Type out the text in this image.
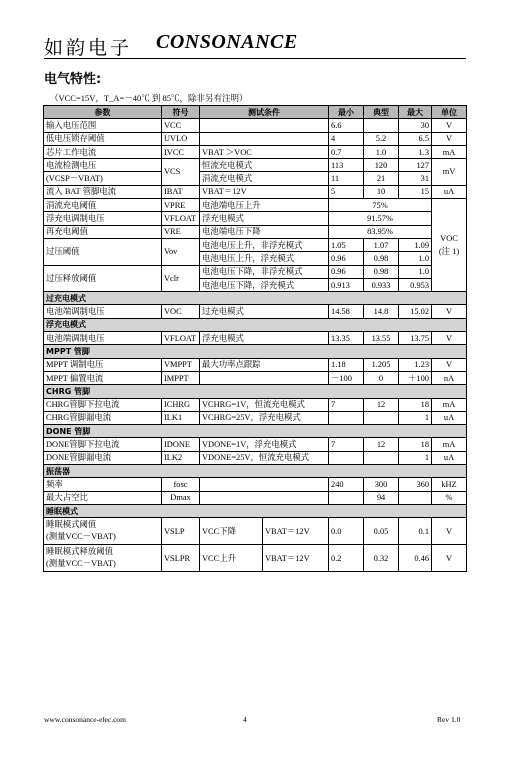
如韵电子 CONSONANCE
电气特性:
（VCC=15V，T_A=－40℃ 到 85℃，除非另有注明）
参数	符号	测试条件		最小	典型	最大	单位
输入电压范围	VCC			6.6		30	V
低电压锁存阈值	UVLO			4	5.2	6.5	V
芯片工作电流	IVCC	VBAT ＞VOC		0.7	1.0	1.3	mA
电流检测电压	VCS	恒流充电模式		113	120	127	mV
(VCSP－VBAT)		涓流充电模式		11	21	31	
流入 BAT 管脚电流	IBAT	VBAT＝12V		5	10	15	uA
涓流充电阈值	VPRE	电池端电压上升		75%			VOC
(注 1)
浮充电调制电压	VFLOAT	浮充电模式		91.57%			
再充电阈值	VRE	电池端电压下降		83.95%			
过压阈值	Vov	电池电压上升，非浮充模式		1.05	1.07	1.09	
		电池电压上升，浮充模式		0.96	0.98	1.0	
过压释放阈值	Vclr	电池电压下降，非浮充模式		0.96	0.98	1.0	
		电池电压下降，浮充模式		0.913	0.933	0.953	
过充电模式							
电池端调制电压	VOC	过充电模式		14.58	14.8	15.02	V
浮充电模式							
电池端调制电压	VFLOAT	浮充电模式		13.35	13.55	13.75	V
MPPT 管脚							
MPPT 调制电压	VMPPT	最大功率点跟踪		1.18	1.205	1.23	V
MPPT 偏置电流	IMPPT			－100	0	＋100	nA
CHRG 管脚							
CHRG管脚下拉电流	ICHRG	VCHRG=1V，恒流充电模式		7	12	18	mA
CHRG管脚漏电流	ILK1	VCHRG=25V，浮充电模式				1	uA
DONE 管脚							
DONE管脚下拉电流	IDONE	VDONE=1V，浮充电模式		7	12	18	mA
DONE管脚漏电流	ILK2	VDONE=25V，恒流充电模式				1	uA
振荡器							
频率	fosc			240	300	360	kHZ
最大占空比	Dmax				94		%
睡眠模式							
睡眠模式阈值
(测量VCC－VBAT)	VSLP	VCC下降	VBAT＝12V	0.0	0.05	0.1	V
睡眠模式释放阈值
(测量VCC－VBAT)	VSLPR	VCC上升	VBAT＝12V	0.2	0.32	0.46	V
www.consonance-elec.com	4	Rev 1.0
